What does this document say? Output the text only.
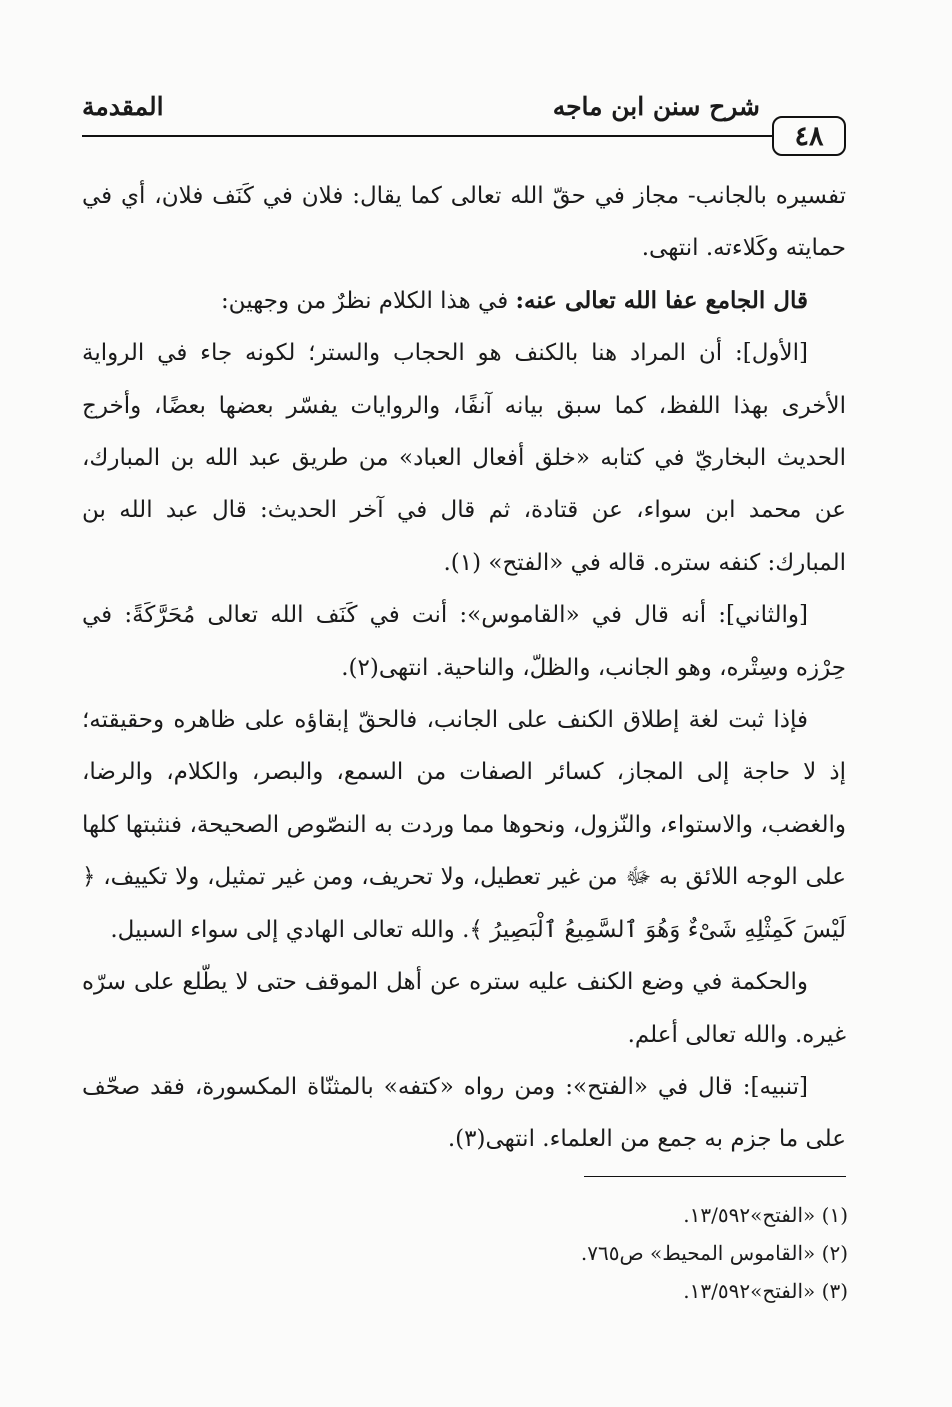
٤٨
شرح سنن ابن ماجه
المقدمة

تفسيره بالجانب- مجاز في حقّ الله تعالى كما يقال: فلان في كَنَف فلان، أي في حمايته وكَلاءته. انتهى.

قال الجامع عفا الله تعالى عنه: في هذا الكلام نظرٌ من وجهين:

[الأول]: أن المراد هنا بالكنف هو الحجاب والستر؛ لكونه جاء في الرواية الأخرى بهذا اللفظ، كما سبق بيانه آنفًا، والروايات يفسّر بعضها بعضًا، وأخرج الحديث البخاريّ في كتابه «خلق أفعال العباد» من طريق عبد الله بن المبارك، عن محمد ابن سواء، عن قتادة، ثم قال في آخر الحديث: قال عبد الله بن المبارك: كنفه ستره. قاله في «الفتح» (١).

[والثاني]: أنه قال في «القاموس»: أنت في كَنَف الله تعالى مُحَرَّكَةً: في حِرْزه وسِتْره، وهو الجانب، والظلّ، والناحية. انتهى(٢).

فإذا ثبت لغة إطلاق الكنف على الجانب، فالحقّ إبقاؤه على ظاهره وحقيقته؛ إذ لا حاجة إلى المجاز، كسائر الصفات من السمع، والبصر، والكلام، والرضا، والغضب، والاستواء، والنّزول، ونحوها مما وردت به النصّوص الصحيحة، فنثبتها كلها على الوجه اللائق به ﷻ من غير تعطيل، ولا تحريف، ومن غير تمثيل، ولا تكييف، ﴿ لَيْسَ كَمِثْلِهِ شَىْءٌ وَهُوَ ٱلسَّمِيعُ ٱلْبَصِيرُ ﴾. والله تعالى الهادي إلى سواء السبيل.

والحكمة في وضع الكنف عليه ستره عن أهل الموقف حتى لا يطّلع على سرّه غيره. والله تعالى أعلم.

[تنبيه]: قال في «الفتح»: ومن رواه «كتفه» بالمثنّاة المكسورة، فقد صحّف على ما جزم به جمع من العلماء. انتهى(٣).

(١) «الفتح»١٣/٥٩٢.
(٢) «القاموس المحيط» ص٧٦٥.
(٣) «الفتح»١٣/٥٩٢.
